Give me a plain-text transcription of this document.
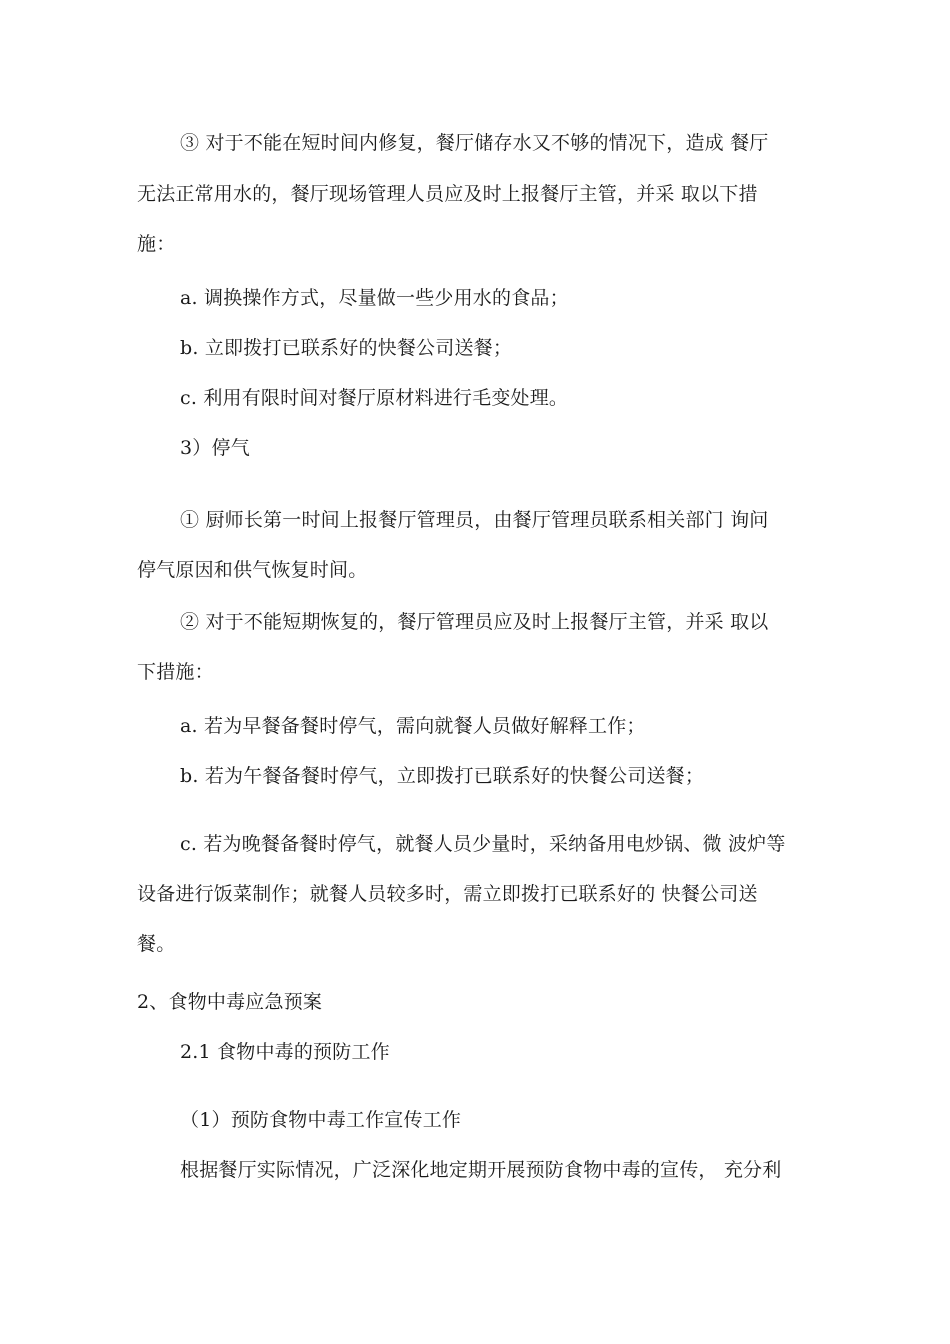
③ 对于不能在短时间内修复，餐厅储存水又不够的情况下，造成 餐厅
无法正常用水的，餐厅现场管理人员应及时上报餐厅主管，并采 取以下措
施：
a. 调换操作方式，尽量做一些少用水的食品；
b. 立即拨打已联系好的快餐公司送餐；
c. 利用有限时间对餐厅原材料进行毛变处理。
3）停气
① 厨师长第一时间上报餐厅管理员，由餐厅管理员联系相关部门 询问
停气原因和供气恢复时间。
② 对于不能短期恢复的，餐厅管理员应及时上报餐厅主管，并采 取以
下措施：
a. 若为早餐备餐时停气，需向就餐人员做好解释工作；
b. 若为午餐备餐时停气，立即拨打已联系好的快餐公司送餐；
c. 若为晚餐备餐时停气，就餐人员少量时，采纳备用电炒锅、微 波炉等
设备进行饭菜制作；就餐人员较多时，需立即拨打已联系好的 快餐公司送
餐。
2、食物中毒应急预案
2.1 食物中毒的预防工作
（1）预防食物中毒工作宣传工作
根据餐厅实际情况，广泛深化地定期开展预防食物中毒的宣传， 充分利
